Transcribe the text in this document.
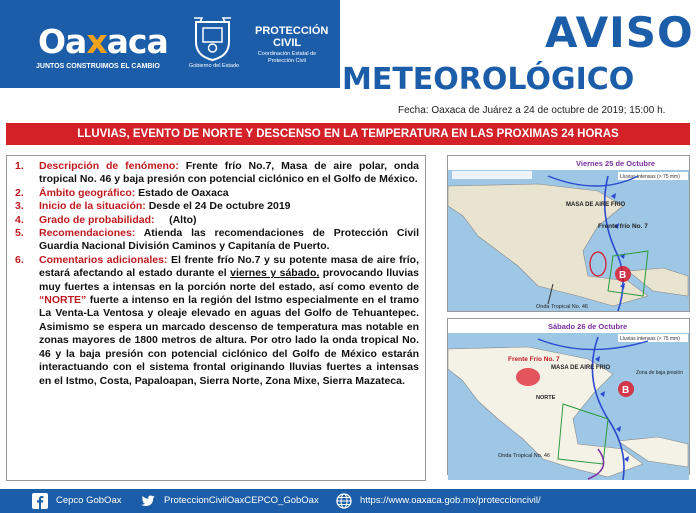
Oaxaca
JUNTOS CONSTRUIMOS EL CAMBIO	Gobierno del Estado
PROTECCIÓN
CIVIL
Coordinación Estatal de Protección Civil
AVISO
METEOROLÓGICO
Fecha: Oaxaca de Juárez a 24 de octubre de 2019; 15:00 h.
LLUVIAS, EVENTO DE NORTE Y DESCENSO EN LA TEMPERATURA EN LAS PROXIMAS 24 HORAS
1.	Descripción de fenómeno: Frente frío No.7, Masa de aire polar, onda tropical No. 46 y baja presión con potencial ciclónico en el Golfo de México.
2.	Ámbito geográfico: Estado de Oaxaca
3.	Inicio de la situación: Desde el 24 De octubre 2019
4.	Grado de probabilidad:     (Alto)
5.	Recomendaciones: Atienda las recomendaciones de Protección Civil Guardia Nacional División Caminos y Capitanía de Puerto.
6.	Comentarios adicionales: El frente frío No.7 y su potente masa de aire frío, estará afectando al estado durante el viernes y sábado, provocando lluvias muy fuertes a intensas en la porción norte del estado, así como evento de “NORTE” fuerte a intenso en la región del Istmo especialmente en el tramo La Venta-La Ventosa y oleaje elevado en aguas del Golfo de Tehuantepec. Asimismo se espera un marcado descenso de temperatura mas notable en zonas mayores de 1800 metros de altura. Por otro lado la onda tropical No. 46 y la baja presión con potencial ciclónico del Golfo de México estarán interactuando con el sistema frontal originando lluvias fuertes a intensas en el Istmo, Costa, Papaloapan, Sierra Norte, Zona Mixe, Sierra Mazateca.
Viernes 25 de Octubre
Lluvias intensas (> 75 mm)
B
MASA DE AIRE FRIO
Frente frío No. 7
Onda Tropical No. 46
Sábado 26 de Octubre
Lluvias intensas (> 75 mm)
B
NORTE
MASA DE AIRE FRIO
Frente Frío No. 7
Zona de baja presión
Onda Tropical No. 46
Cepco GobOax	ProteccionCivilOaxCEPCO_GobOax	https://www.oaxaca.gob.mx/proteccioncivil/
